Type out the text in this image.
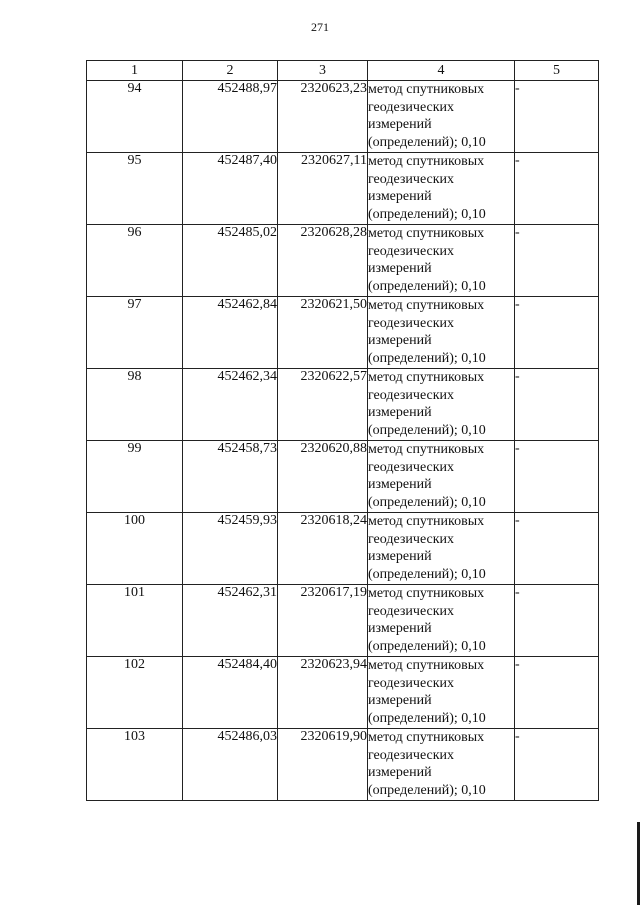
271
1	2	3	4	5
94	452488,97	2320623,23	метод спутниковых
геодезических
измерений
(определений); 0,10	-
95	452487,40	2320627,11	метод спутниковых
геодезических
измерений
(определений); 0,10	-
96	452485,02	2320628,28	метод спутниковых
геодезических
измерений
(определений); 0,10	-
97	452462,84	2320621,50	метод спутниковых
геодезических
измерений
(определений); 0,10	-
98	452462,34	2320622,57	метод спутниковых
геодезических
измерений
(определений); 0,10	-
99	452458,73	2320620,88	метод спутниковых
геодезических
измерений
(определений); 0,10	-
100	452459,93	2320618,24	метод спутниковых
геодезических
измерений
(определений); 0,10	-
101	452462,31	2320617,19	метод спутниковых
геодезических
измерений
(определений); 0,10	-
102	452484,40	2320623,94	метод спутниковых
геодезических
измерений
(определений); 0,10	-
103	452486,03	2320619,90	метод спутниковых
геодезических
измерений
(определений); 0,10	-
